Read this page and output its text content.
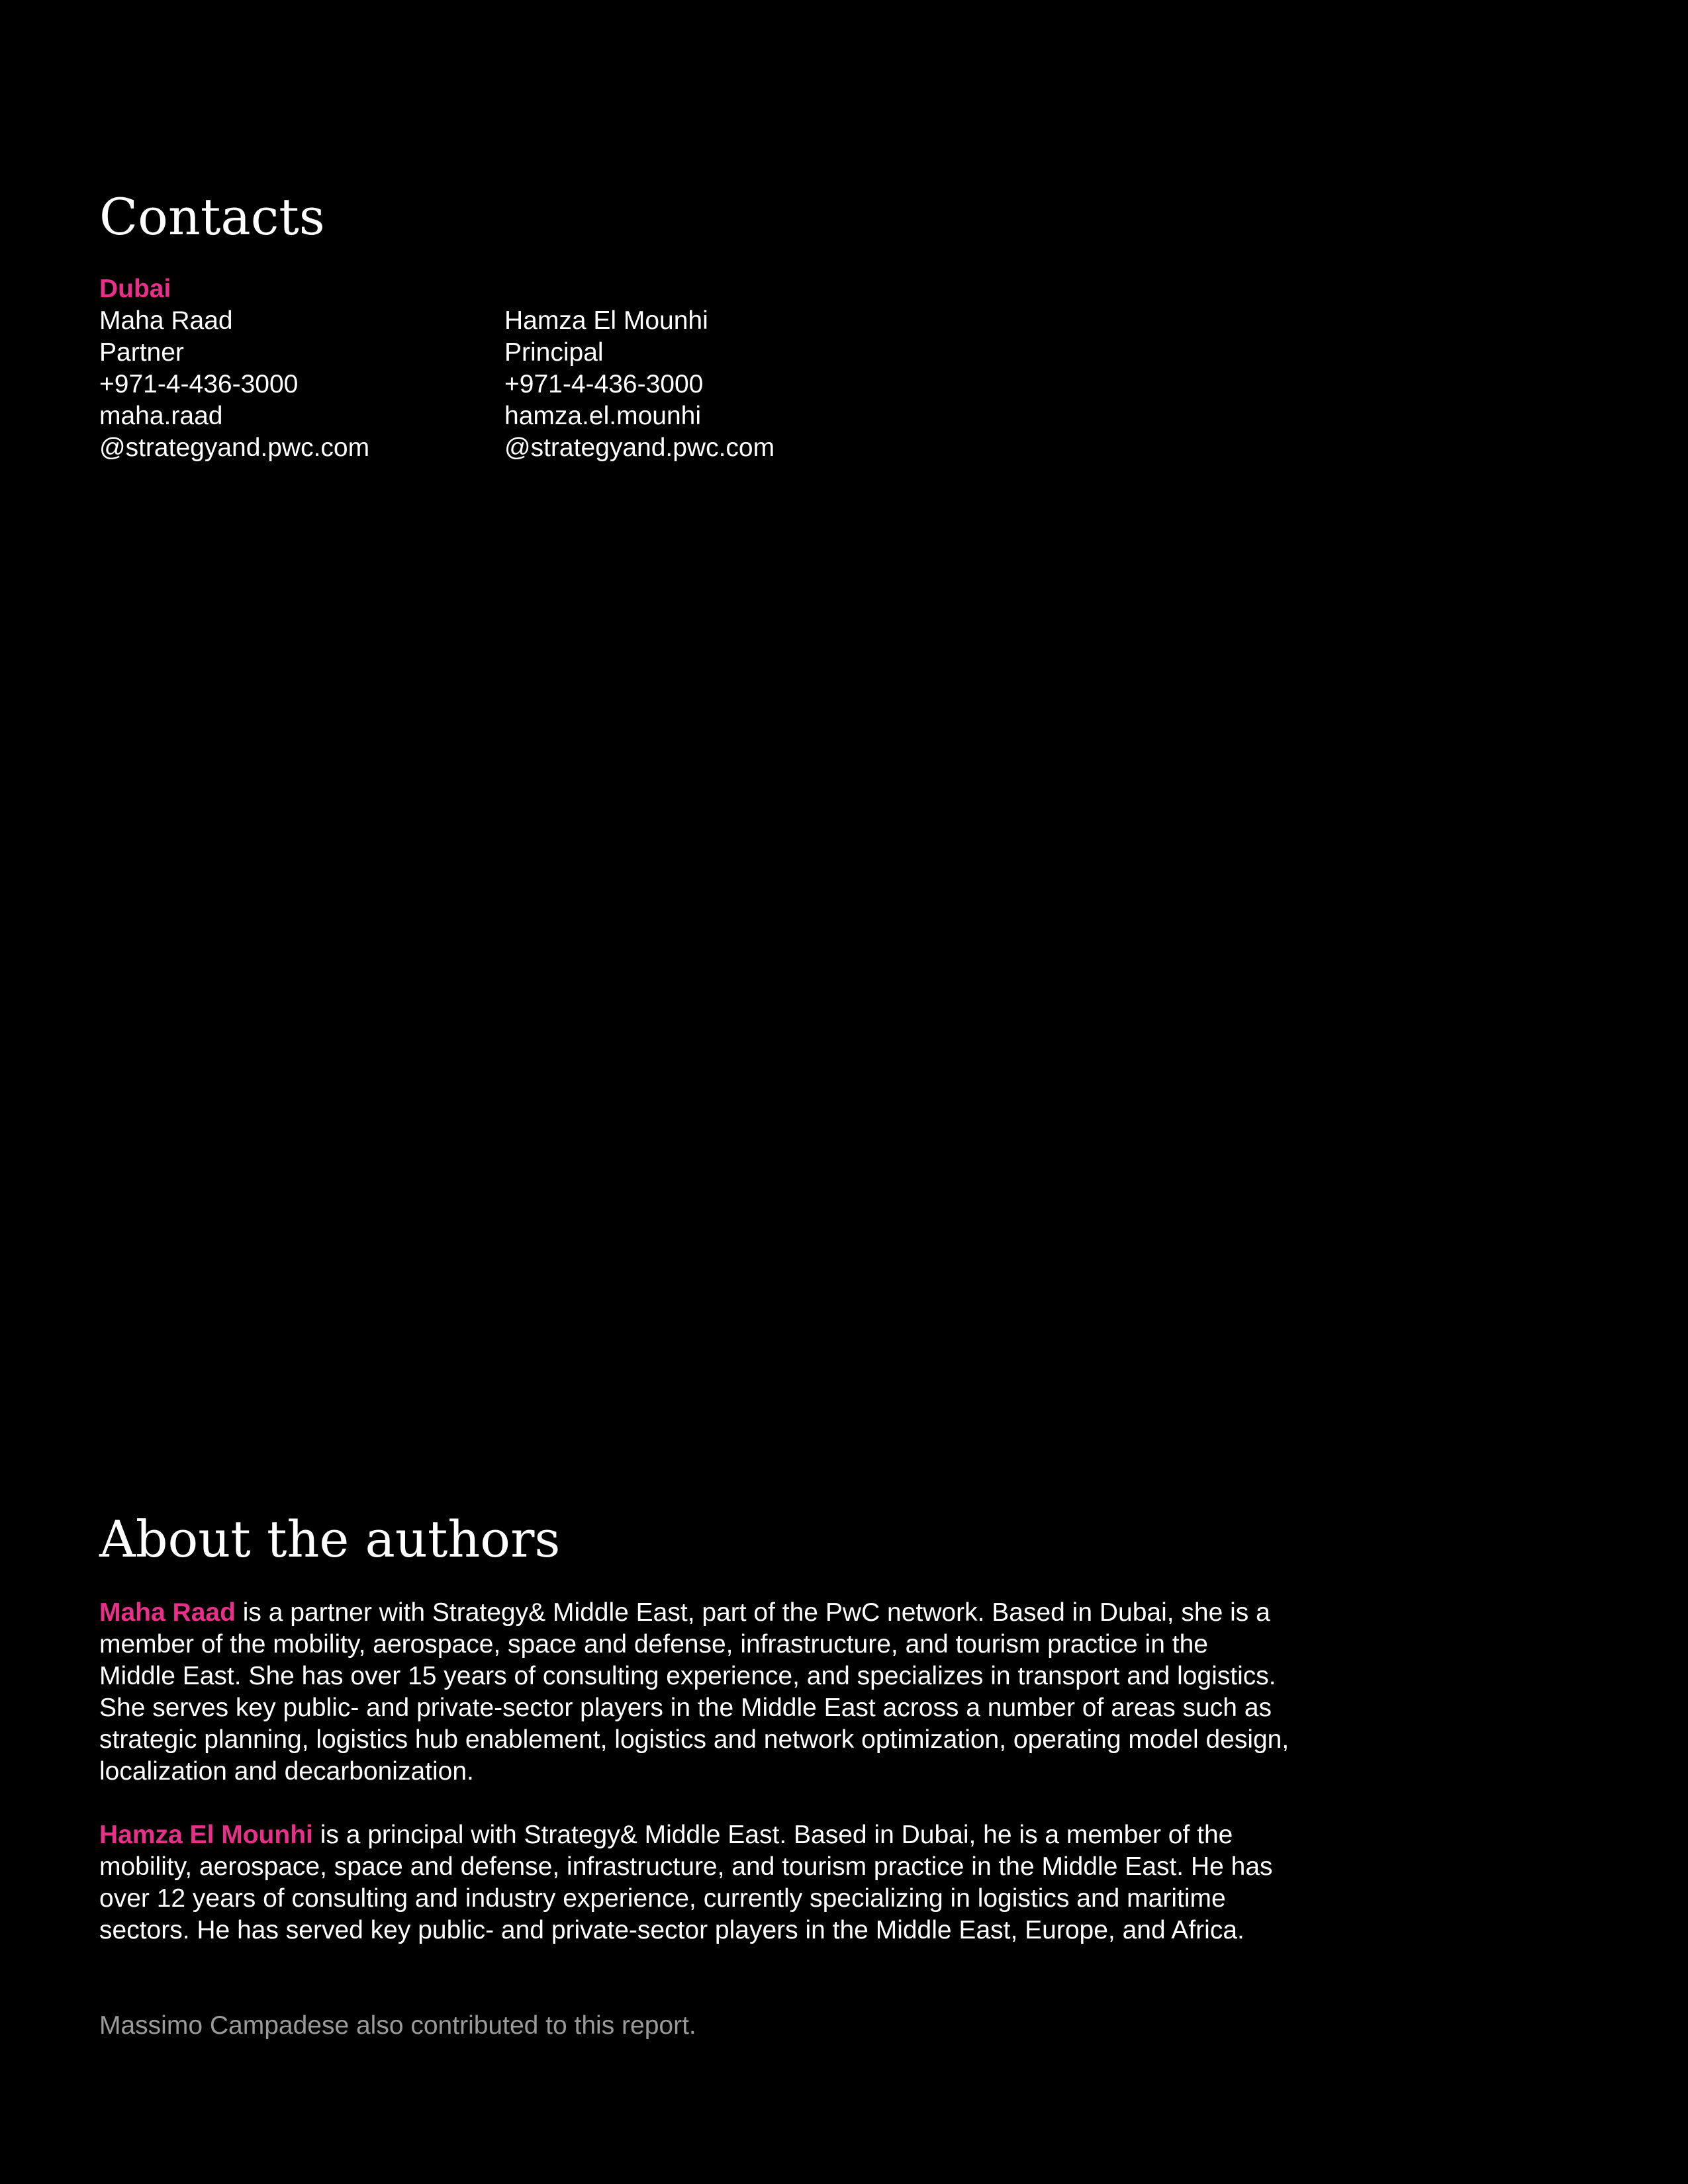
Contacts
Dubai
Maha Raad
Partner
+971-4-436-3000
maha.raad
@strategyand.pwc.com
Hamza El Mounhi
Principal
+971-4-436-3000
hamza.el.mounhi
@strategyand.pwc.com
About the authors

Maha Raad is a partner with Strategy& Middle East, part of the PwC network. Based in Dubai, she is a member of the mobility, aerospace, space and defense, infrastructure, and tourism practice in the Middle East. She has over 15 years of consulting experience, and specializes in transport and logistics. She serves key public- and private-sector players in the Middle East across a number of areas such as strategic planning, logistics hub enablement, logistics and network optimization, operating model design, localization and decarbonization.

Hamza El Mounhi is a principal with Strategy& Middle East. Based in Dubai, he is a member of the mobility, aerospace, space and defense, infrastructure, and tourism practice in the Middle East. He has over 12 years of consulting and industry experience, currently specializing in logistics and maritime sectors. He has served key public- and private-sector players in the Middle East, Europe, and Africa.

Massimo Campadese also contributed to this report.
